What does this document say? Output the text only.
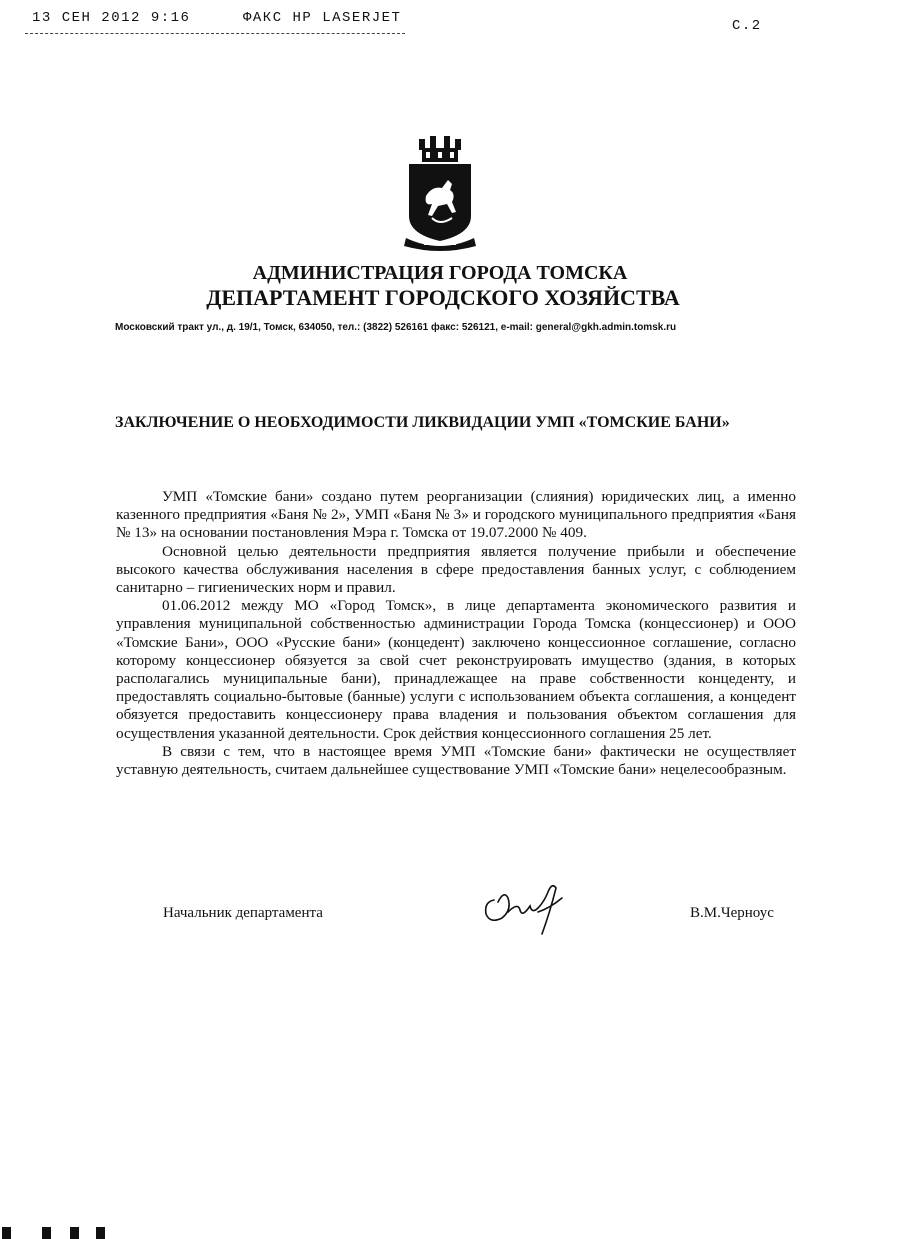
13 СЕН 2012 9:16	ФАКС HP LASERJET	С.2
АДМИНИСТРАЦИЯ ГОРОДА ТОМСКА
ДЕПАРТАМЕНТ ГОРОДСКОГО ХОЗЯЙСТВА
Московский тракт ул., д. 19/1, Томск, 634050, тел.: (3822) 526161 факс: 526121, e-mail: general@gkh.admin.tomsk.ru
ЗАКЛЮЧЕНИЕ О НЕОБХОДИМОСТИ ЛИКВИДАЦИИ УМП «ТОМСКИЕ БАНИ»

УМП «Томские бани» создано путем реорганизации (слияния) юридических лиц, а именно казенного предприятия «Баня № 2», УМП «Баня № 3» и городского муниципального предприятия «Баня № 13» на основании постановления Мэра г. Томска от 19.07.2000 № 409.

Основной целью деятельности предприятия является получение прибыли и обеспечение высокого качества обслуживания населения в сфере предоставления банных услуг, с соблюдением санитарно – гигиенических норм и правил.

01.06.2012 между МО «Город Томск», в лице департамента экономического развития и управления муниципальной собственностью администрации Города Томска (концессионер) и ООО «Томские Бани», ООО «Русские бани» (концедент) заключено концессионное соглашение, согласно которому концессионер обязуется за свой счет реконструировать имущество (здания, в которых располагались муниципальные бани), принадлежащее на праве собственности концеденту, и предоставлять социально-бытовые (банные) услуги с использованием объекта соглашения, а концедент обязуется предоставить концессионеру права владения и пользования объектом соглашения для осуществления указанной деятельности. Срок действия концессионного соглашения 25 лет.

В связи с тем, что в настоящее время УМП «Томские бани» фактически не осуществляет уставную деятельность, считаем дальнейшее существование УМП «Томские бани» нецелесообразным.

Начальник департамента	В.М.Черноус
